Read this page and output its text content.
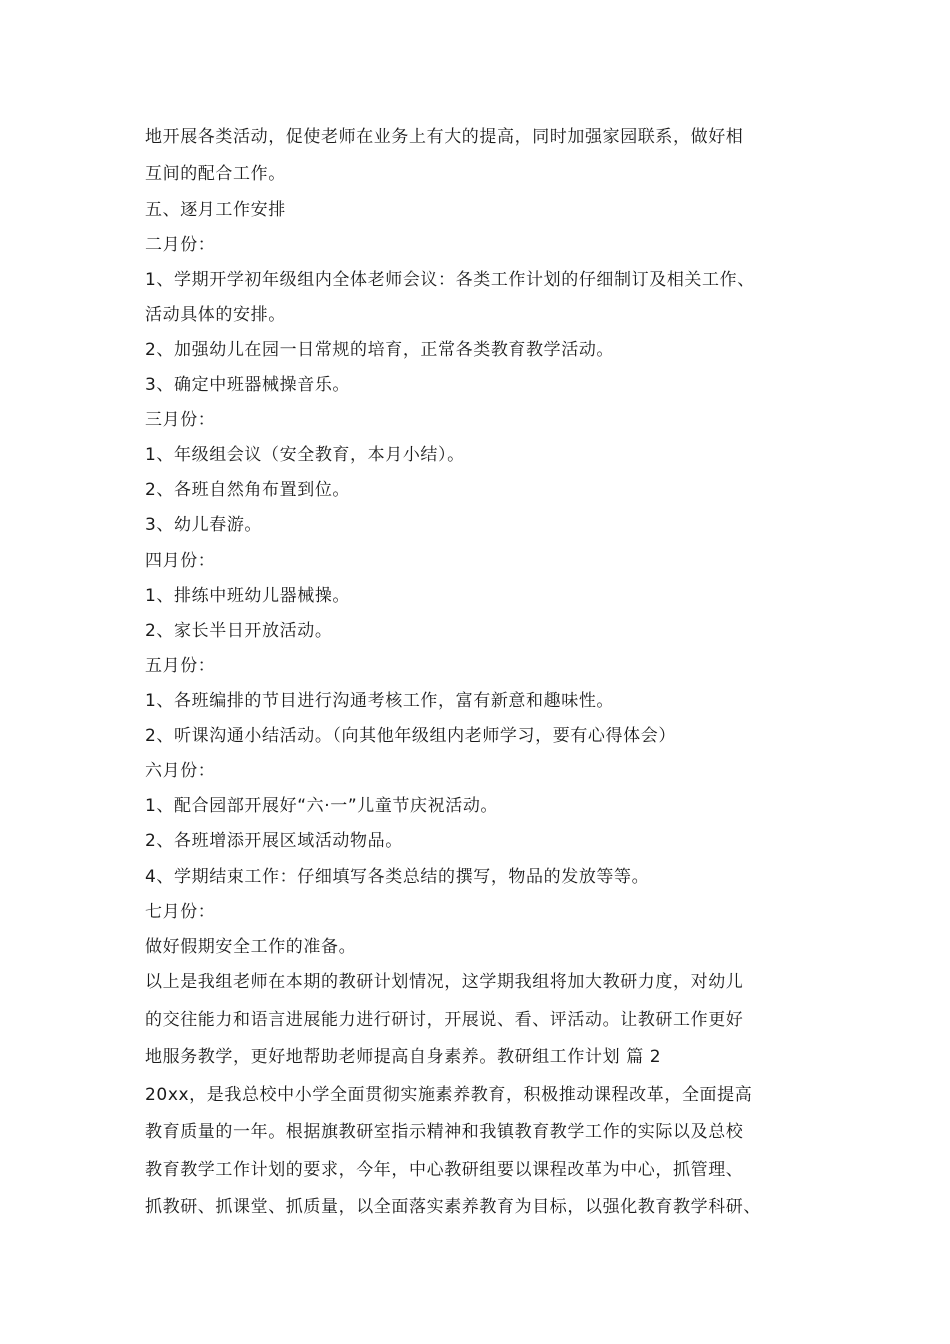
地开展各类活动，促使老师在业务上有大的提高，同时加强家园联系，做好相
互间的配合工作。
五、逐月工作安排
二月份：
1、学期开学初年级组内全体老师会议：各类工作计划的仔细制订及相关工作、
活动具体的安排。
2、加强幼儿在园一日常规的培育，正常各类教育教学活动。
3、确定中班器械操音乐。
三月份：
1、年级组会议（安全教育，本月小结）。
2、各班自然角布置到位。
3、幼儿春游。
四月份：
1、排练中班幼儿器械操。
2、家长半日开放活动。
五月份：
1、各班编排的节目进行沟通考核工作，富有新意和趣味性。
2、听课沟通小结活动。（向其他年级组内老师学习，要有心得体会）
六月份：
1、配合园部开展好“六·一”儿童节庆祝活动。
2、各班增添开展区域活动物品。
4、学期结束工作：仔细填写各类总结的撰写，物品的发放等等。
七月份：
做好假期安全工作的准备。
以上是我组老师在本期的教研计划情况，这学期我组将加大教研力度，对幼儿
的交往能力和语言进展能力进行研讨，开展说、看、评活动。让教研工作更好
地服务教学，更好地帮助老师提高自身素养。教研组工作计划 篇 2
20xx，是我总校中小学全面贯彻实施素养教育，积极推动课程改革，全面提高
教育质量的一年。根据旗教研室指示精神和我镇教育教学工作的实际以及总校
教育教学工作计划的要求，今年，中心教研组要以课程改革为中心，抓管理、
抓教研、抓课堂、抓质量，以全面落实素养教育为目标，以强化教育教学科研、
